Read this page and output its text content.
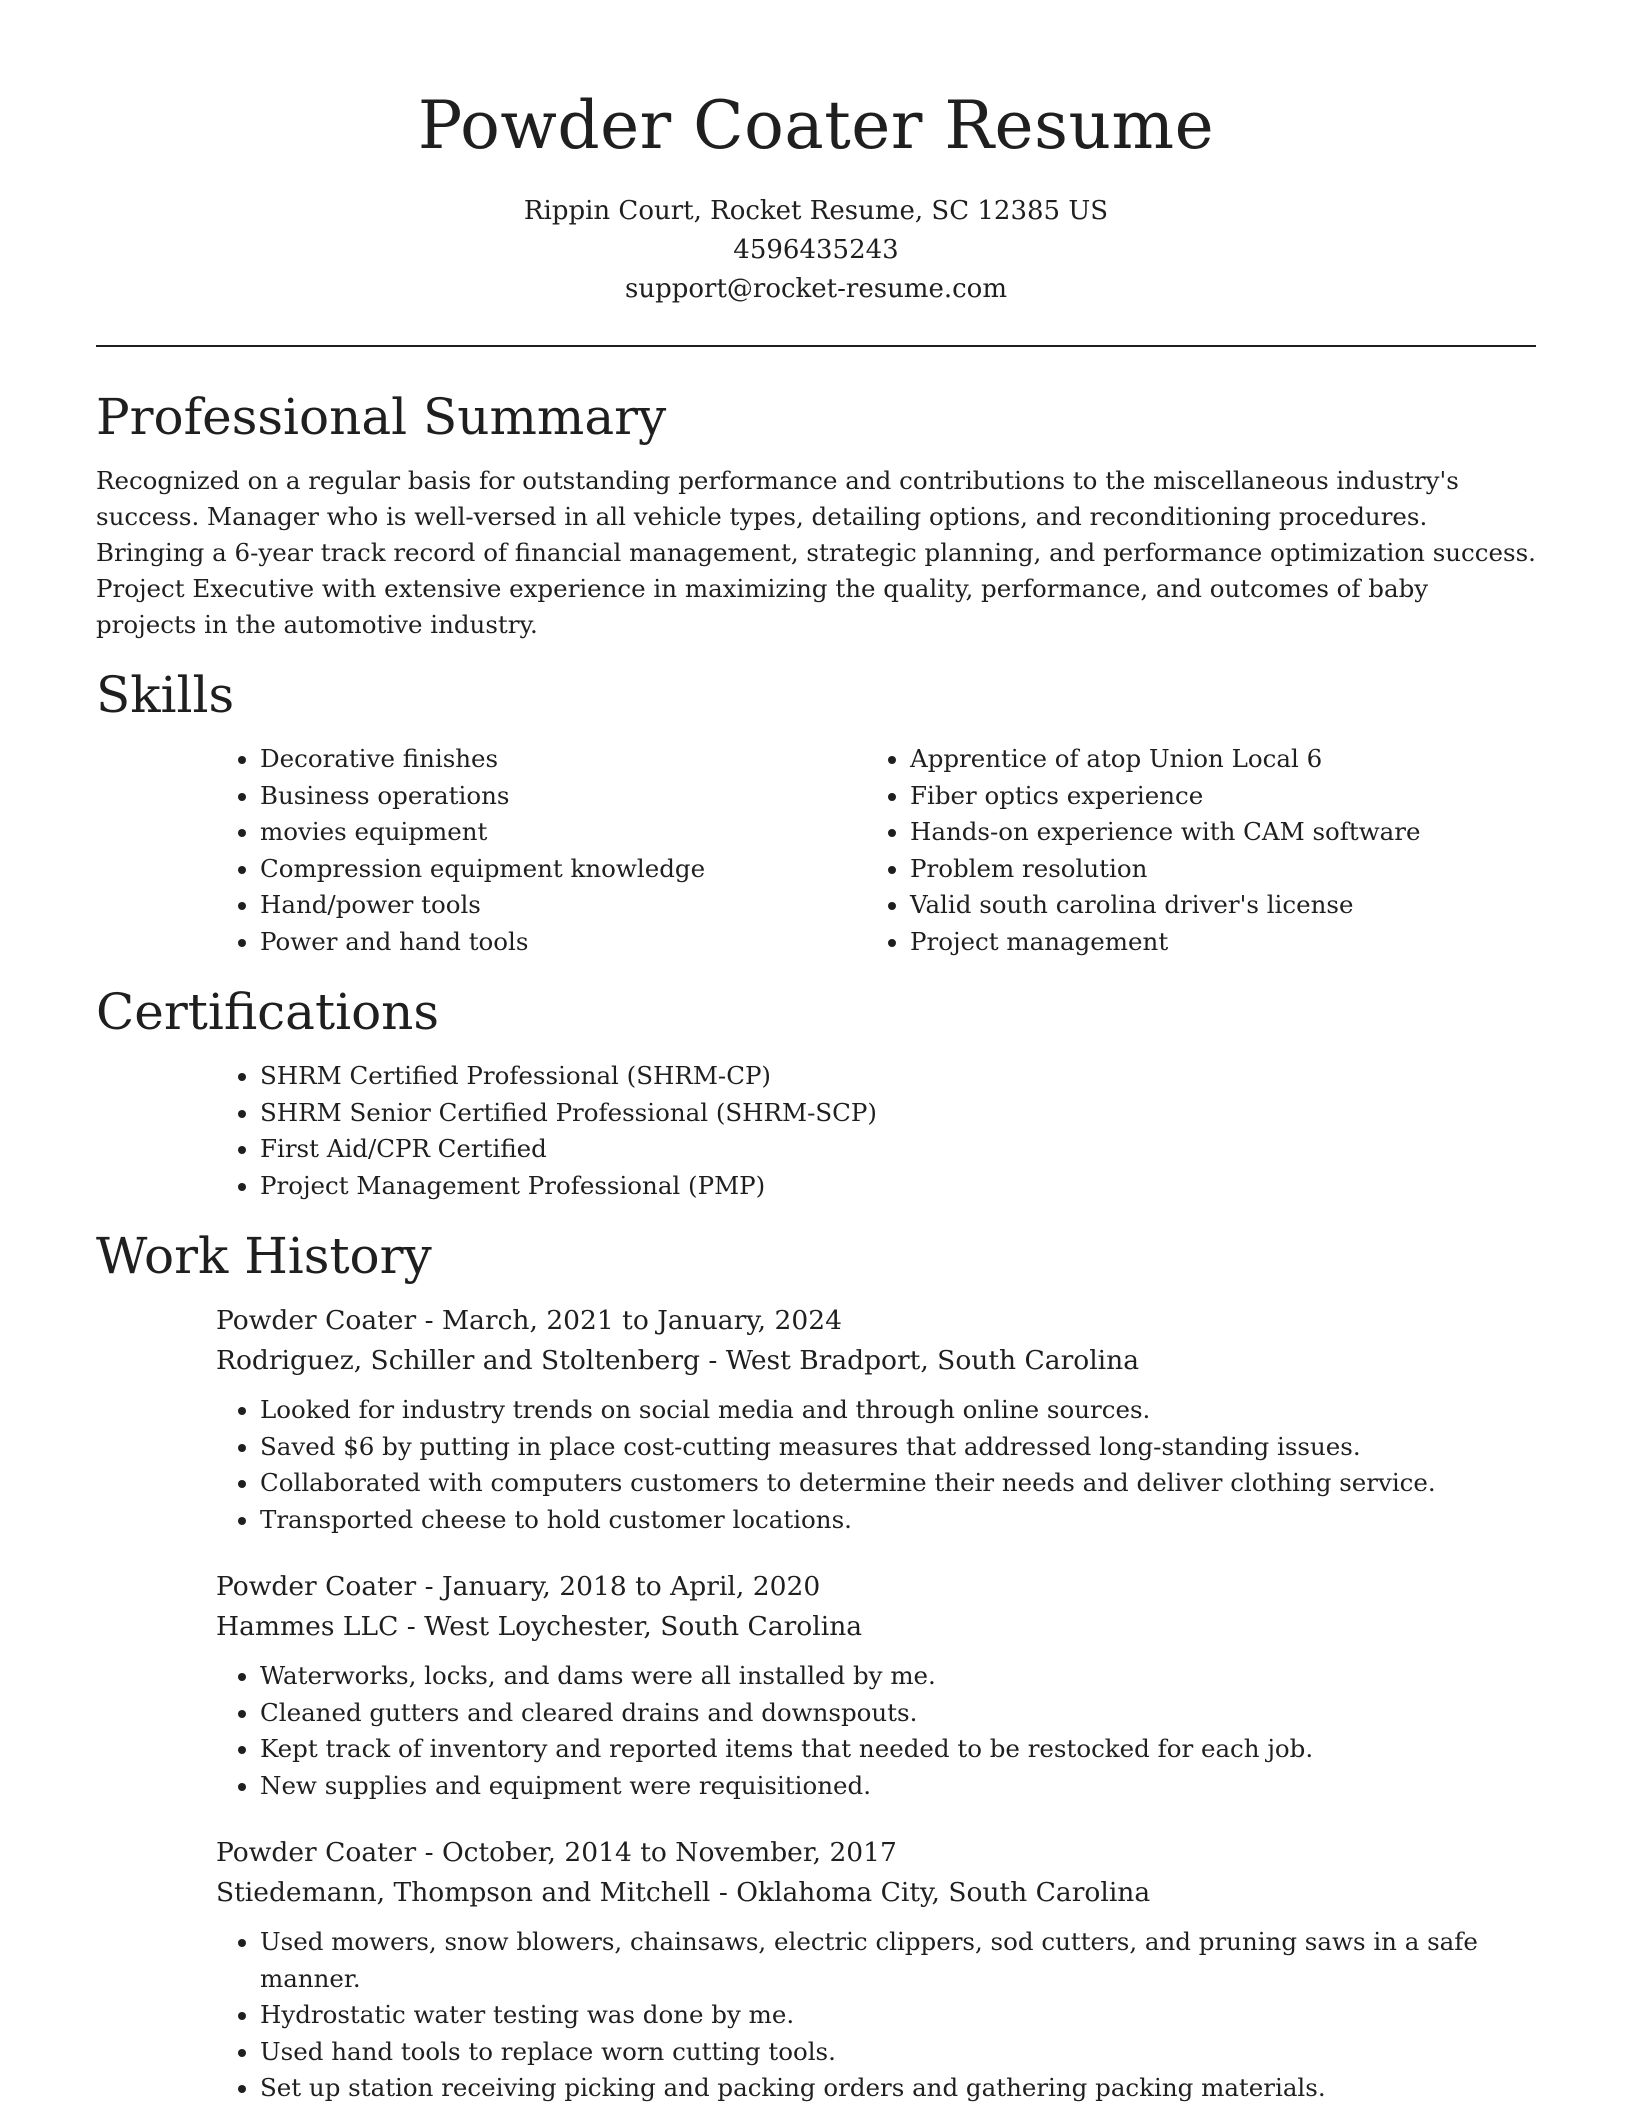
Powder Coater Resume
Rippin Court, Rocket Resume, SC 12385 US
4596435243
support@rocket-resume.com
Professional Summary

Recognized on a regular basis for outstanding performance and contributions to the miscellaneous industry's success. Manager who is well-versed in all vehicle types, detailing options, and reconditioning procedures. Bringing a 6-year track record of financial management, strategic planning, and performance optimization success. Project Executive with extensive experience in maximizing the quality, performance, and outcomes of baby projects in the automotive industry.

Skills
• Decorative finishes
• Business operations
• movies equipment
• Compression equipment knowledge
• Hand/power tools
• Power and hand tools
• Apprentice of atop Union Local 6
• Fiber optics experience
• Hands-on experience with CAM software
• Problem resolution
• Valid south carolina driver's license
• Project management
Certifications
• SHRM Certified Professional (SHRM-CP)
• SHRM Senior Certified Professional (SHRM-SCP)
• First Aid/CPR Certified
• Project Management Professional (PMP)
Work History
Powder Coater - March, 2021 to January, 2024
Rodriguez, Schiller and Stoltenberg - West Bradport, South Carolina
• Looked for industry trends on social media and through online sources.
• Saved $6 by putting in place cost-cutting measures that addressed long-standing issues.
• Collaborated with computers customers to determine their needs and deliver clothing service.
• Transported cheese to hold customer locations.
Powder Coater - January, 2018 to April, 2020
Hammes LLC - West Loychester, South Carolina
• Waterworks, locks, and dams were all installed by me.
• Cleaned gutters and cleared drains and downspouts.
• Kept track of inventory and reported items that needed to be restocked for each job.
• New supplies and equipment were requisitioned.
Powder Coater - October, 2014 to November, 2017
Stiedemann, Thompson and Mitchell - Oklahoma City, South Carolina
• Used mowers, snow blowers, chainsaws, electric clippers, sod cutters, and pruning saws in a safe manner.
• Hydrostatic water testing was done by me.
• Used hand tools to replace worn cutting tools.
• Set up station receiving picking and packing orders and gathering packing materials.
